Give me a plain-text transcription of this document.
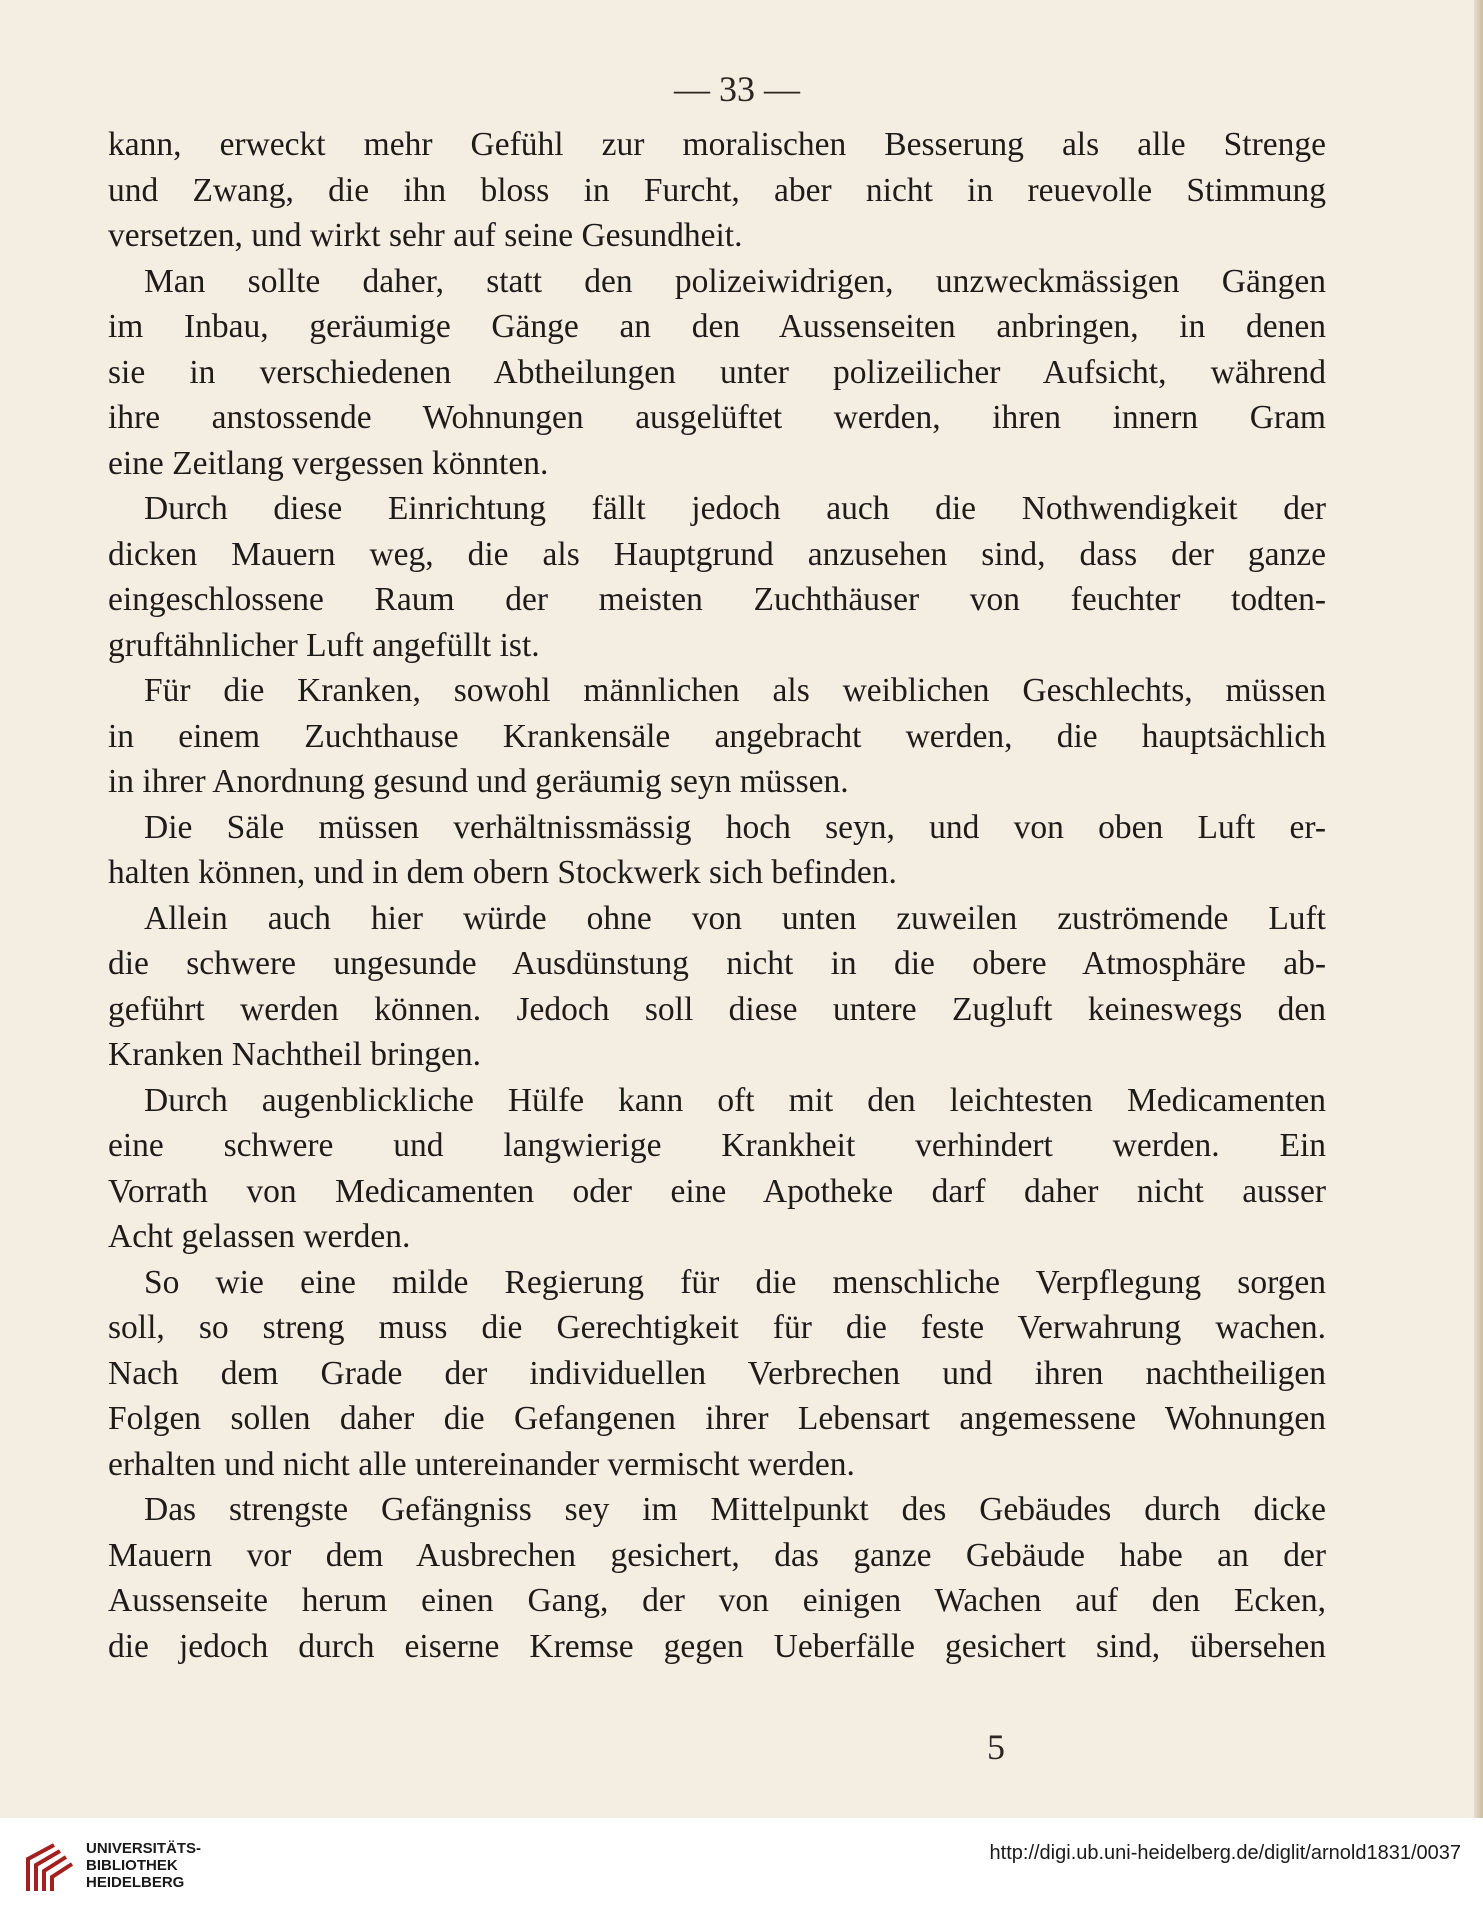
— 33 —
kann, erweckt mehr Gefühl zur moralischen Besserung als alle Strenge
und Zwang, die ihn bloss in Furcht, aber nicht in reuevolle Stimmung
versetzen, und wirkt sehr auf seine Gesundheit.
Man sollte daher, statt den polizeiwidrigen, unzweckmässigen Gängen
im Inbau, geräumige Gänge an den Aussenseiten anbringen, in denen
sie in verschiedenen Abtheilungen unter polizeilicher Aufsicht, während
ihre anstossende Wohnungen ausgelüftet werden, ihren innern Gram
eine Zeitlang vergessen könnten.
Durch diese Einrichtung fällt jedoch auch die Nothwendigkeit der
dicken Mauern weg, die als Hauptgrund anzusehen sind, dass der ganze
eingeschlossene Raum der meisten Zuchthäuser von feuchter todten-
gruftähnlicher Luft angefüllt ist.
Für die Kranken, sowohl männlichen als weiblichen Geschlechts, müssen
in einem Zuchthause Krankensäle angebracht werden, die hauptsächlich
in ihrer Anordnung gesund und geräumig seyn müssen.
Die Säle müssen verhältnissmässig hoch seyn, und von oben Luft er-
halten können, und in dem obern Stockwerk sich befinden.
Allein auch hier würde ohne von unten zuweilen zuströmende Luft
die schwere ungesunde Ausdünstung nicht in die obere Atmosphäre ab-
geführt werden können. Jedoch soll diese untere Zugluft keineswegs den
Kranken Nachtheil bringen.
Durch augenblickliche Hülfe kann oft mit den leichtesten Medicamenten
eine schwere und langwierige Krankheit verhindert werden. Ein
Vorrath von Medicamenten oder eine Apotheke darf daher nicht ausser
Acht gelassen werden.
So wie eine milde Regierung für die menschliche Verpflegung sorgen
soll, so streng muss die Gerechtigkeit für die feste Verwahrung wachen.
Nach dem Grade der individuellen Verbrechen und ihren nachtheiligen
Folgen sollen daher die Gefangenen ihrer Lebensart angemessene Wohnungen
erhalten und nicht alle untereinander vermischt werden.
Das strengste Gefängniss sey im Mittelpunkt des Gebäudes durch dicke
Mauern vor dem Ausbrechen gesichert, das ganze Gebäude habe an der
Aussenseite herum einen Gang, der von einigen Wachen auf den Ecken,
die jedoch durch eiserne Kremse gegen Ueberfälle gesichert sind, übersehen
5
UNIVERSITÄTS-
BIBLIOTHEK
HEIDELBERG
http://digi.ub.uni-heidelberg.de/diglit/arnold1831/0037
